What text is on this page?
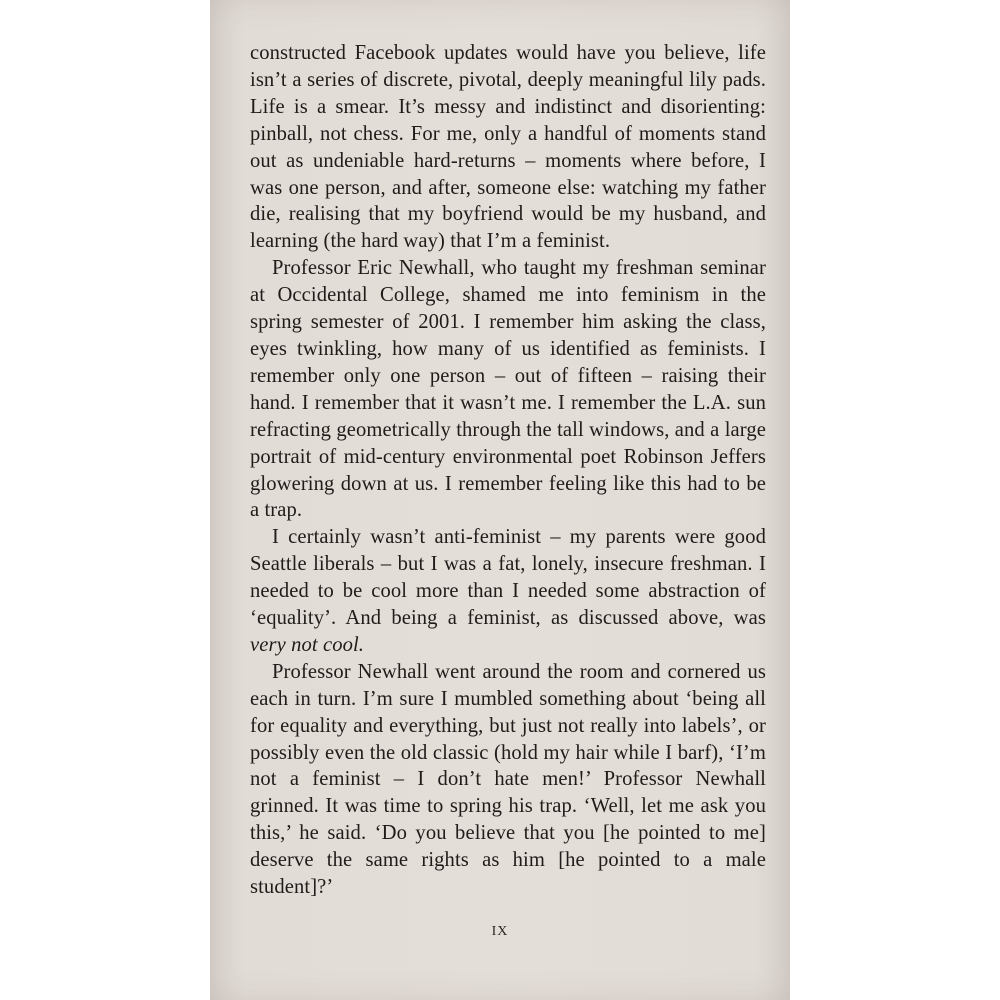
constructed Facebook updates would have you believe, life isn’t a series of discrete, pivotal, deeply meaningful lily pads. Life is a smear. It’s messy and indistinct and disorienting: pinball, not chess. For me, only a handful of moments stand out as undeniable hard-returns – moments where before, I was one person, and after, someone else: watching my father die, realising that my boyfriend would be my husband, and learning (the hard way) that I’m a feminist.

Professor Eric Newhall, who taught my freshman seminar at Occidental College, shamed me into feminism in the spring semester of 2001. I remember him asking the class, eyes twinkling, how many of us identified as feminists. I remember only one person – out of fifteen – raising their hand. I remember that it wasn’t me. I remember the L.A. sun refracting geometrically through the tall windows, and a large portrait of mid-century environmental poet Robinson Jeffers glowering down at us. I remember feeling like this had to be a trap.

I certainly wasn’t anti-feminist – my parents were good Seattle liberals – but I was a fat, lonely, insecure freshman. I needed to be cool more than I needed some abstraction of ‘equality’. And being a feminist, as discussed above, was very not cool.

Professor Newhall went around the room and cornered us each in turn. I’m sure I mumbled something about ‘being all for equality and everything, but just not really into labels’, or possibly even the old classic (hold my hair while I barf), ‘I’m not a feminist – I don’t hate men!’ Professor Newhall grinned. It was time to spring his trap. ‘Well, let me ask you this,’ he said. ‘Do you believe that you [he pointed to me] deserve the same rights as him [he pointed to a male student]?’

IX
